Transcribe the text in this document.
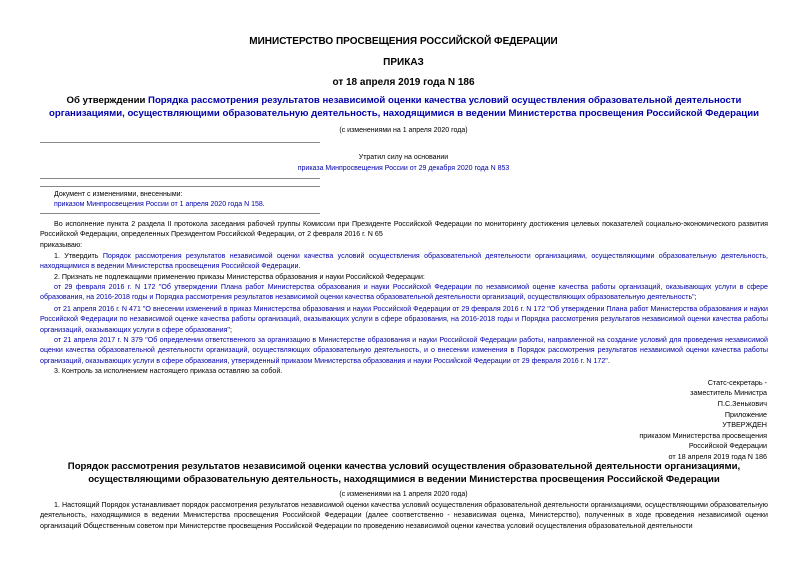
МИНИСТЕРСТВО ПРОСВЕЩЕНИЯ РОССИЙСКОЙ ФЕДЕРАЦИИ
ПРИКАЗ
от 18 апреля 2019 года N 186
Об утверждении Порядка рассмотрения результатов независимой оценки качества условий осуществления образовательной деятельности организациями, осуществляющими образовательную деятельность, находящимися в ведении Министерства просвещения Российской Федерации
(с изменениями на 1 апреля 2020 года)
Утратил силу на основании
приказа Минпросвещения России от 29 декабря 2020 года N 853
Документ с изменениями, внесенными:
приказом Минпросвещения России от 1 апреля 2020 года N 158.
Во исполнение пункта 2 раздела II протокола заседания рабочей группы Комиссии при Президенте Российской Федерации по мониторингу достижения целевых показателей социально-экономического развития Российской Федерации, определенных Президентом Российской Федерации, от 2 февраля 2016 г. N 65
приказываю:
1. Утвердить Порядок рассмотрения результатов независимой оценки качества условий осуществления образовательной деятельности организациями, осуществляющими образовательную деятельность, находящимися в ведении Министерства просвещения Российской Федерации.
2. Признать не подлежащими применению приказы Министерства образования и науки Российской Федерации:
от 29 февраля 2016 г. N 172 "Об утверждении Плана работ Министерства образования и науки Российской Федерации по независимой оценке качества работы организаций, оказывающих услуги в сфере образования, на 2016-2018 годы и Порядка рассмотрения результатов независимой оценки качества образовательной деятельности организаций, осуществляющих образовательную деятельность";
от 21 апреля 2016 г. N 471 "О внесении изменений в приказ Министерства образования и науки Российской Федерации от 29 февраля 2016 г. N 172 "Об утверждении Плана работ Министерства образования и науки Российской Федерации по независимой оценке качества работы организаций, оказывающих услуги в сфере образования, на 2016-2018 годы и Порядка рассмотрения результатов независимой оценки качества работы организаций, оказывающих услуги в сфере образования";
от 21 апреля 2017 г. N 379 "Об определении ответственного за организацию в Министерстве образования и науки Российской Федерации работы, направленной на создание условий для проведения независимой оценки качества образовательной деятельности организаций, осуществляющих образовательную деятельность, и о внесении изменения в Порядок рассмотрения результатов независимой оценки качества работы организаций, оказывающих услуги в сфере образования, утвержденный приказом Министерства образования и науки Российской Федерации от 29 февраля 2016 г. N 172".
3. Контроль за исполнением настоящего приказа оставляю за собой.
Статс-секретарь -
заместитель Министра
П.С.Зенькович
Приложение
УТВЕРЖДЕН
приказом Министерства просвещения
Российской Федерации
от 18 апреля 2019 года N 186
Порядок рассмотрения результатов независимой оценки качества условий осуществления образовательной деятельности организациями, осуществляющими образовательную деятельность, находящимися в ведении Министерства просвещения Российской Федерации
(с изменениями на 1 апреля 2020 года)
1. Настоящий Порядок устанавливает порядок рассмотрения результатов независимой оценки качества условий осуществления образовательной деятельности организациями, осуществляющими образовательную деятельность, находящимися в ведении Министерства просвещения Российской Федерации (далее соответственно - независимая оценка, Министерство), полученных в ходе проведения независимой оценки организаций Общественным советом при Министерстве просвещения Российской Федерации по проведению независимой оценки качества условий осуществления образовательной деятельности
